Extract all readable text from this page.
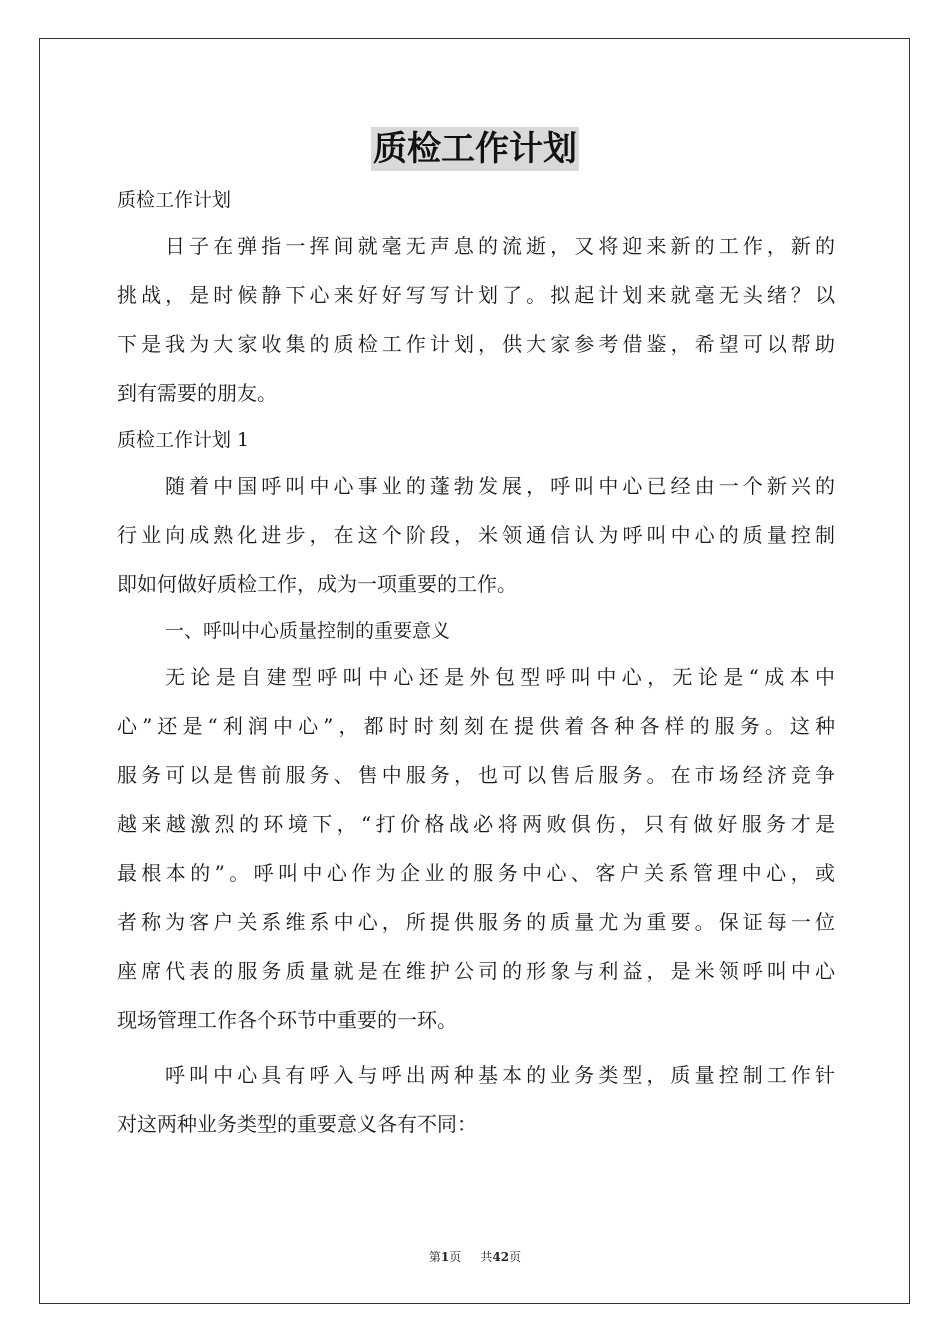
质检工作计划
质检工作计划
日子在弹指一挥间就毫无声息的流逝，又将迎来新的工作，新的
挑战，是时候静下心来好好写写计划了。拟起计划来就毫无头绪？以
下是我为大家收集的质检工作计划，供大家参考借鉴，希望可以帮助
到有需要的朋友。
质检工作计划 1
随着中国呼叫中心事业的蓬勃发展，呼叫中心已经由一个新兴的
行业向成熟化进步，在这个阶段，米领通信认为呼叫中心的质量控制
即如何做好质检工作，成为一项重要的工作。
一、呼叫中心质量控制的重要意义
无论是自建型呼叫中心还是外包型呼叫中心，无论是“成本中
心”还是“利润中心”，都时时刻刻在提供着各种各样的服务。这种
服务可以是售前服务、售中服务，也可以售后服务。在市场经济竞争
越来越激烈的环境下，“打价格战必将两败俱伤，只有做好服务才是
最根本的”。呼叫中心作为企业的服务中心、客户关系管理中心，或
者称为客户关系维系中心，所提供服务的质量尤为重要。保证每一位
座席代表的服务质量就是在维护公司的形象与利益，是米领呼叫中心
现场管理工作各个环节中重要的一环。
呼叫中心具有呼入与呼出两种基本的业务类型，质量控制工作针
对这两种业务类型的重要意义各有不同：
第1页 共42页
